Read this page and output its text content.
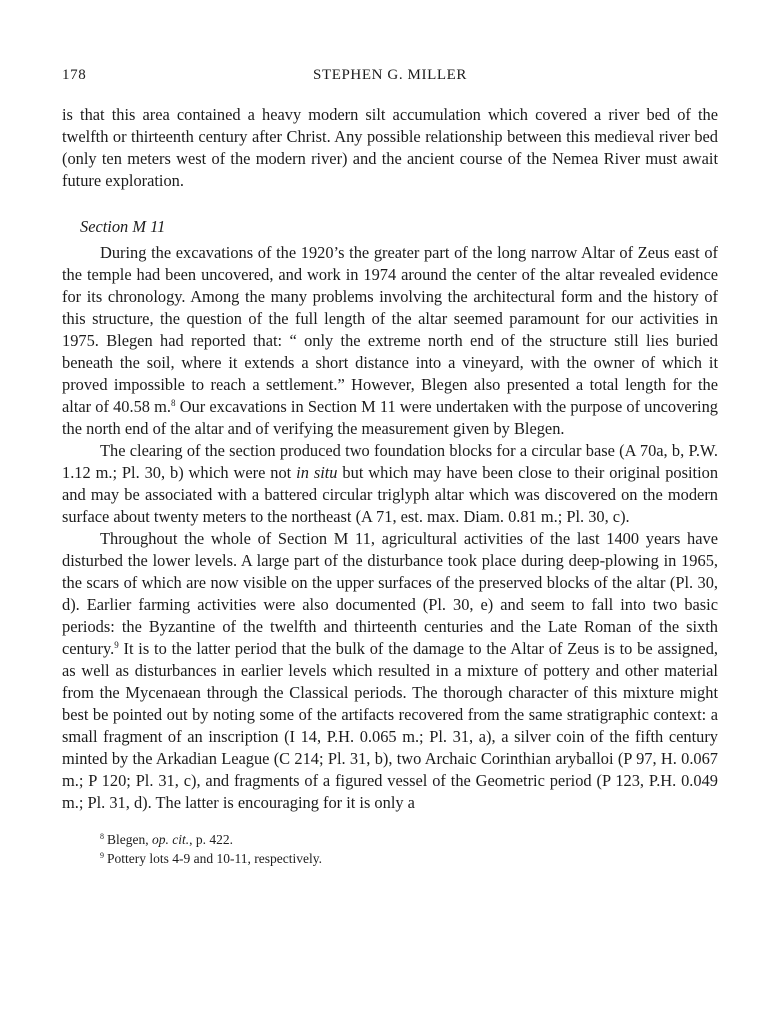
178	STEPHEN G. MILLER

is that this area contained a heavy modern silt accumulation which covered a river bed of the twelfth or thirteenth century after Christ. Any possible relationship between this medieval river bed (only ten meters west of the modern river) and the ancient course of the Nemea River must await future exploration.

Section M 11

During the excavations of the 1920’s the greater part of the long narrow Altar of Zeus east of the temple had been uncovered, and work in 1974 around the center of the altar revealed evidence for its chronology. Among the many problems involving the architectural form and the history of this structure, the question of the full length of the altar seemed paramount for our activities in 1975. Blegen had reported that: “ only the extreme north end of the structure still lies buried beneath the soil, where it extends a short distance into a vineyard, with the owner of which it proved impossible to reach a settlement.” However, Blegen also presented a total length for the altar of 40.58 m.$^8$ Our excavations in Section M 11 were undertaken with the purpose of uncovering the north end of the altar and of verifying the measurement given by Blegen.

The clearing of the section produced two foundation blocks for a circular base (A 70a, b, P.W. 1.12 m.; Pl. 30, b) which were not in situ but which may have been close to their original position and may be associated with a battered circular triglyph altar which was discovered on the modern surface about twenty meters to the northeast (A 71, est. max. Diam. 0.81 m.; Pl. 30, c).

Throughout the whole of Section M 11, agricultural activities of the last 1400 years have disturbed the lower levels. A large part of the disturbance took place during deep-plowing in 1965, the scars of which are now visible on the upper surfaces of the preserved blocks of the altar (Pl. 30, d). Earlier farming activities were also documented (Pl. 30, e) and seem to fall into two basic periods: the Byzantine of the twelfth and thirteenth centuries and the Late Roman of the sixth century.$^9$ It is to the latter period that the bulk of the damage to the Altar of Zeus is to be assigned, as well as disturbances in earlier levels which resulted in a mixture of pottery and other material from the Mycenaean through the Classical periods. The thorough character of this mixture might best be pointed out by noting some of the artifacts recovered from the same stratigraphic context: a small fragment of an inscription (I 14, P.H. 0.065 m.; Pl. 31, a), a silver coin of the fifth century minted by the Arkadian League (C 214; Pl. 31, b), two Archaic Corinthian aryballoi (P 97, H. 0.067 m.; P 120; Pl. 31, c), and fragments of a figured vessel of the Geometric period (P 123, P.H. 0.049 m.; Pl. 31, d). The latter is encouraging for it is only a

$^8$ Blegen, op. cit., p. 422.

$^9$ Pottery lots 4-9 and 10-11, respectively.
